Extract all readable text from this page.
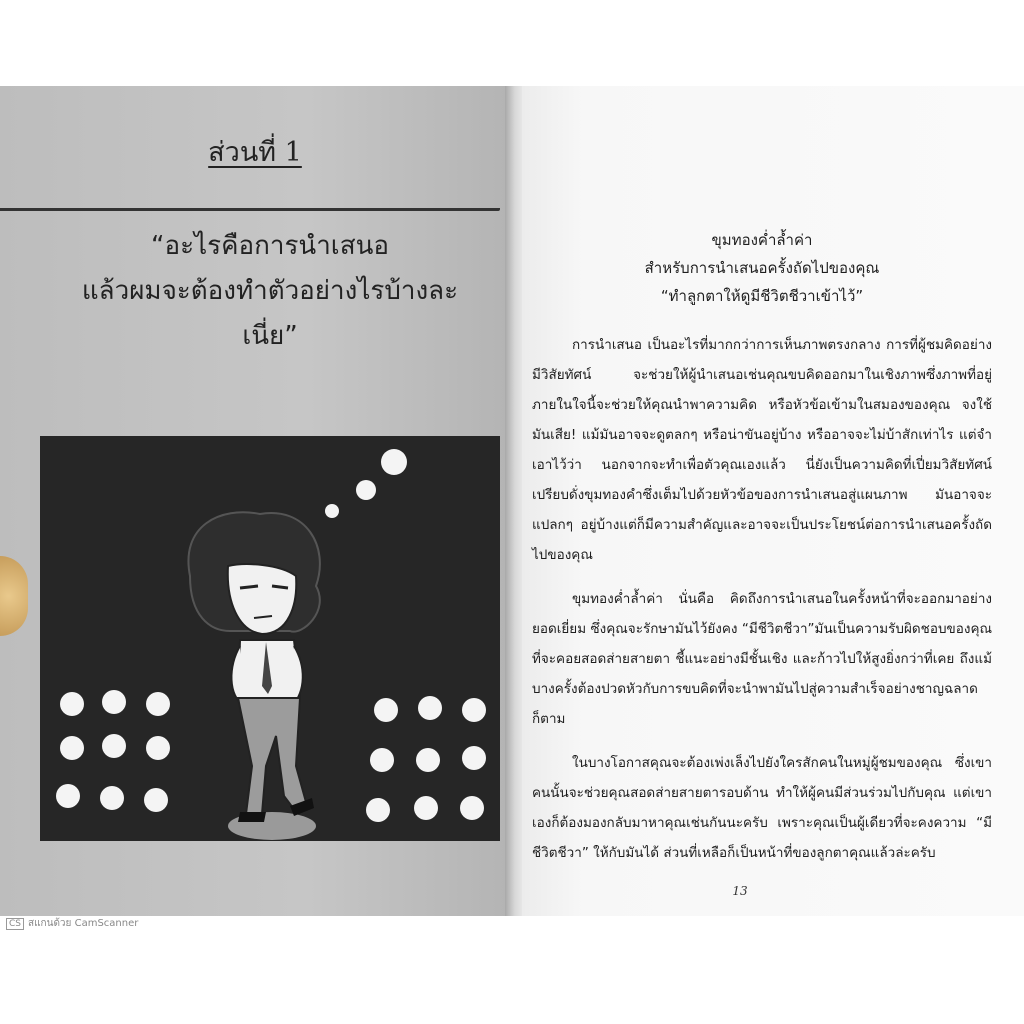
ส่วนที่ 1
“อะไรคือการนำเสนอ
แล้วผมจะต้องทำตัวอย่างไรบ้างละเนี่ย”
ขุมทองค่ำล้ำค่า
สำหรับการนำเสนอครั้งถัดไปของคุณ
“ทำลูกตาให้ดูมีชีวิตชีวาเข้าไว้”

การนำเสนอ เป็นอะไรที่มากกว่าการเห็นภาพตรงกลาง การที่ผู้ชมคิดอย่างมีวิสัยทัศน์ จะช่วยให้ผู้นำเสนอเช่นคุณขบคิดออกมาในเชิงภาพซึ่งภาพที่อยู่ภายในใจนี้จะช่วยให้คุณนำพาความคิด หรือหัวข้อเข้ามในสมองของคุณ จงใช้มันเสีย! แม้มันอาจจะดูตลกๆ หรือน่าขันอยู่บ้าง หรืออาจจะไม่บ้าสักเท่าไร แต่จำเอาไว้ว่า นอกจากจะทำเพื่อตัวคุณเองแล้ว นี่ยังเป็นความคิดที่เปี่ยมวิสัยทัศน์ เปรียบดั่งขุมทองคำซึ่งเต็มไปด้วยหัวข้อของการนำเสนอสู่แผนภาพ มันอาจจะแปลกๆ อยู่บ้างแต่ก็มีความสำคัญและอาจจะเป็นประโยชน์ต่อการนำเสนอครั้งถัดไปของคุณ

ขุมทองค่ำล้ำค่า นั่นคือ คิดถึงการนำเสนอในครั้งหน้าที่จะออกมาอย่างยอดเยี่ยม ซึ่งคุณจะรักษามันไว้ยังคง “มีชีวิตชีวา”มันเป็นความรับผิดชอบของคุณที่จะคอยสอดส่ายสายตา ชี้แนะอย่างมีชั้นเชิง และก้าวไปให้สูงยิ่งกว่าที่เคย ถึงแม้บางครั้งต้องปวดหัวกับการขบคิดที่จะนำพามันไปสู่ความสำเร็จอย่างชาญฉลาดก็ตาม

ในบางโอกาสคุณจะต้องเพ่งเล็งไปยังใครสักคนในหมู่ผู้ชมของคุณ ซึ่งเขาคนนั้นจะช่วยคุณสอดส่ายสายตารอบด้าน ทำให้ผู้คนมีส่วนร่วมไปกับคุณ แต่เขาเองก็ต้องมองกลับมาหาคุณเช่นกันนะครับ เพราะคุณเป็นผู้เดียวที่จะคงความ “มีชีวิตชีวา” ให้กับมันได้ ส่วนที่เหลือก็เป็นหน้าที่ของลูกตาคุณแล้วล่ะครับ

13
CS สแกนด้วย CamScanner
